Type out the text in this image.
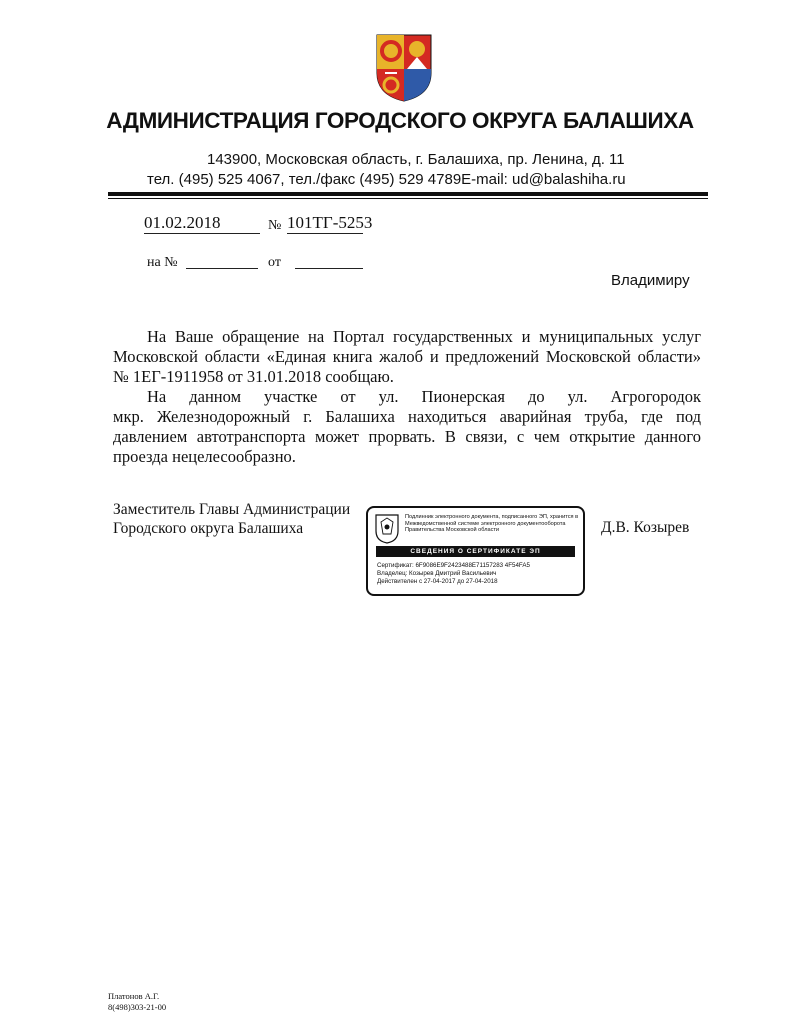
АДМИНИСТРАЦИЯ ГОРОДСКОГО ОКРУГА БАЛАШИХА
143900, Московская область, г. Балашиха, пр. Ленина, д. 11
тел. (495) 525 4067, тел./факс (495) 529 4789E-mail: ud@balashiha.ru
01.02.2018	№ 101ТГ-5253
на №	от
Владимиру
На Ваше обращение на Портал государственных и муниципальных услуг
Московской области «Единая книга жалоб и предложений Московской области»
№ 1ЕГ-1911958 от 31.01.2018 сообщаю.
На данном участке от ул. Пионерская до ул. Агрогородок
мкр. Железнодорожный г. Балашиха находиться аварийная труба, где под
давлением автотранспорта может прорвать. В связи, с чем открытие данного
проезда нецелесообразно.
Заместитель Главы Администрации
Городского округа Балашиха	Д.В. Козырев
Подлинник электронного документа, подписанного ЭП, хранится в Межведомственной системе электронного документооборота Правительства Московской области
СВЕДЕНИЯ О СЕРТИФИКАТЕ ЭП
Сертификат: 6F9086E9F2423488E71157283 4F54FA5
Владелец: Козырев Дмитрий Васильевич
Действителен с 27-04-2017 до 27-04-2018
Платонов А.Г.
8(498)303-21-00
